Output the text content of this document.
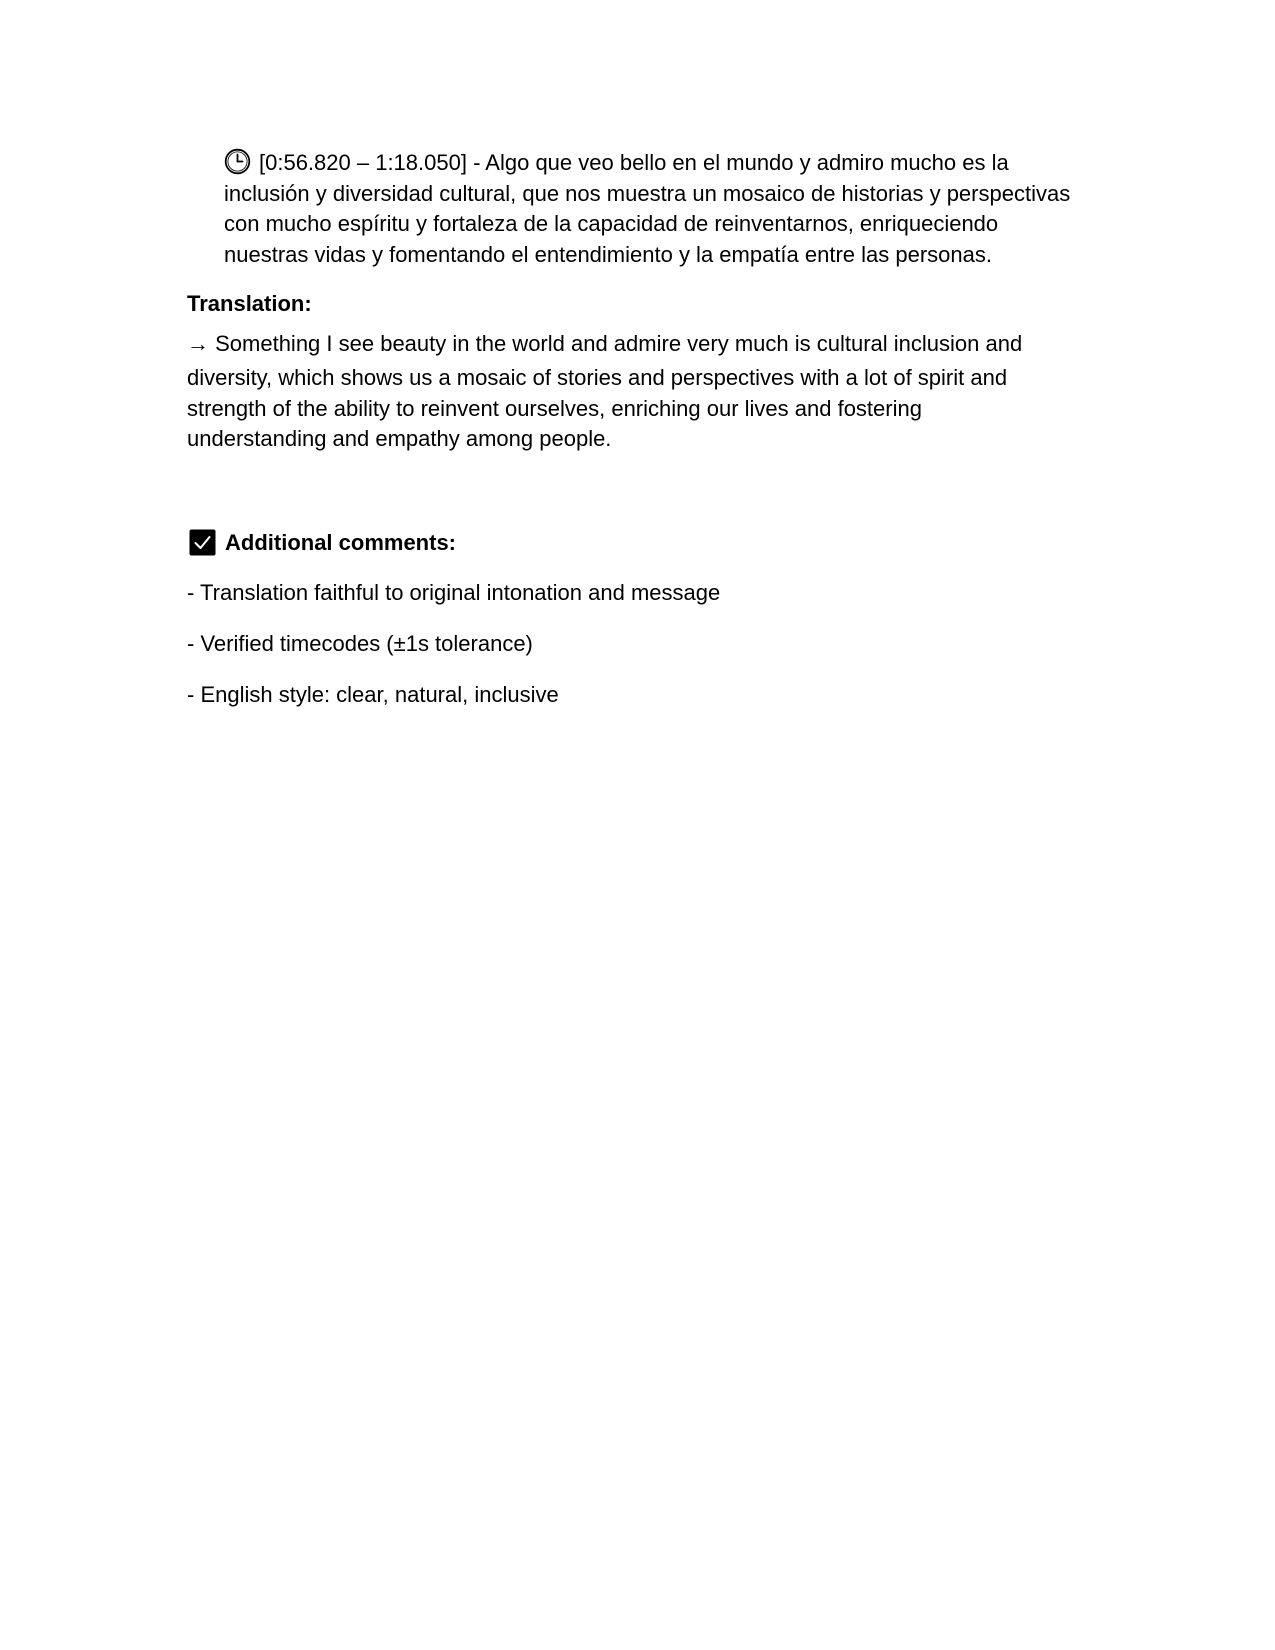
[0:56.820 – 1:18.050] - Algo que veo bello en el mundo y admiro mucho es la inclusión y diversidad cultural, que nos muestra un mosaico de historias y perspectivas con mucho espíritu y fortaleza de la capacidad de reinventarnos, enriqueciendo nuestras vidas y fomentando el entendimiento y la empatía entre las personas.
Translation:
→ Something I see beauty in the world and admire very much is cultural inclusion and
diversity, which shows us a mosaic of stories and perspectives with a lot of spirit and strength of the ability to reinvent ourselves, enriching our lives and fostering understanding and empathy among people.
Additional comments:
- Translation faithful to original intonation and message
- Verified timecodes (±1s tolerance)
- English style: clear, natural, inclusive
